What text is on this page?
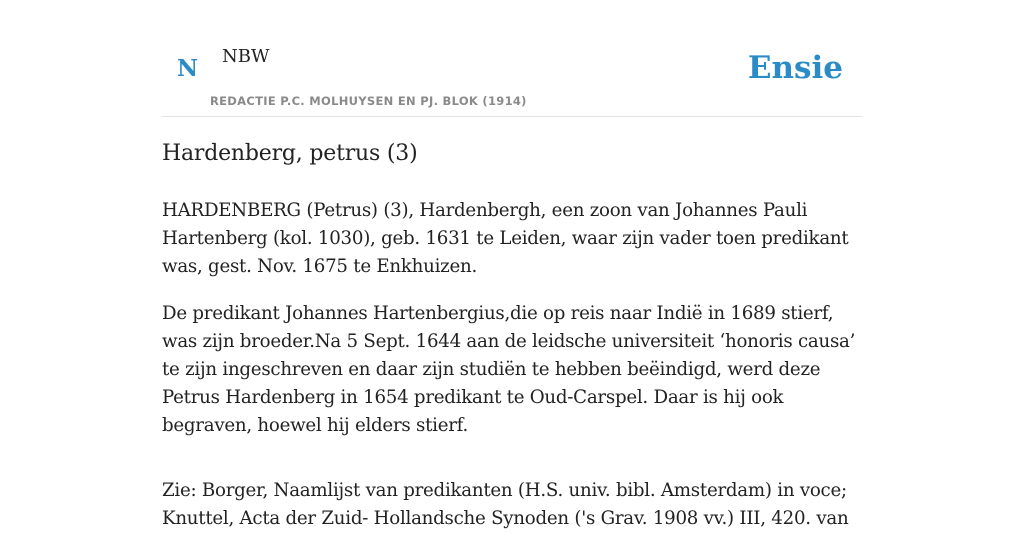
N NBW
REDACTIE P.C. MOLHUYSEN EN PJ. BLOK (1914)
Ensie
Hardenberg, petrus (3)

HARDENBERG (Petrus) (3), Hardenbergh, een zoon van Johannes Pauli Hartenberg (kol. 1030), geb. 1631 te Leiden, waar zijn vader toen predikant was, gest. Nov. 1675 te Enkhuizen.

De predikant Johannes Hartenbergius,die op reis naar Indië in 1689 stierf, was zijn broeder.Na 5 Sept. 1644 aan de leidsche universiteit ‘honoris causa’ te zijn ingeschreven en daar zijn studiën te hebben beëindigd, werd deze Petrus Hardenberg in 1654 predikant te Oud-Carspel. Daar is hij ook begraven, hoewel hij elders stierf.

Zie: Borger, Naamlijst van predikanten (H.S. univ. bibl. Amsterdam) in voce; Knuttel, Acta der Zuid- Hollandsche Synoden ('s Grav. 1908 vv.) III, 420. van
